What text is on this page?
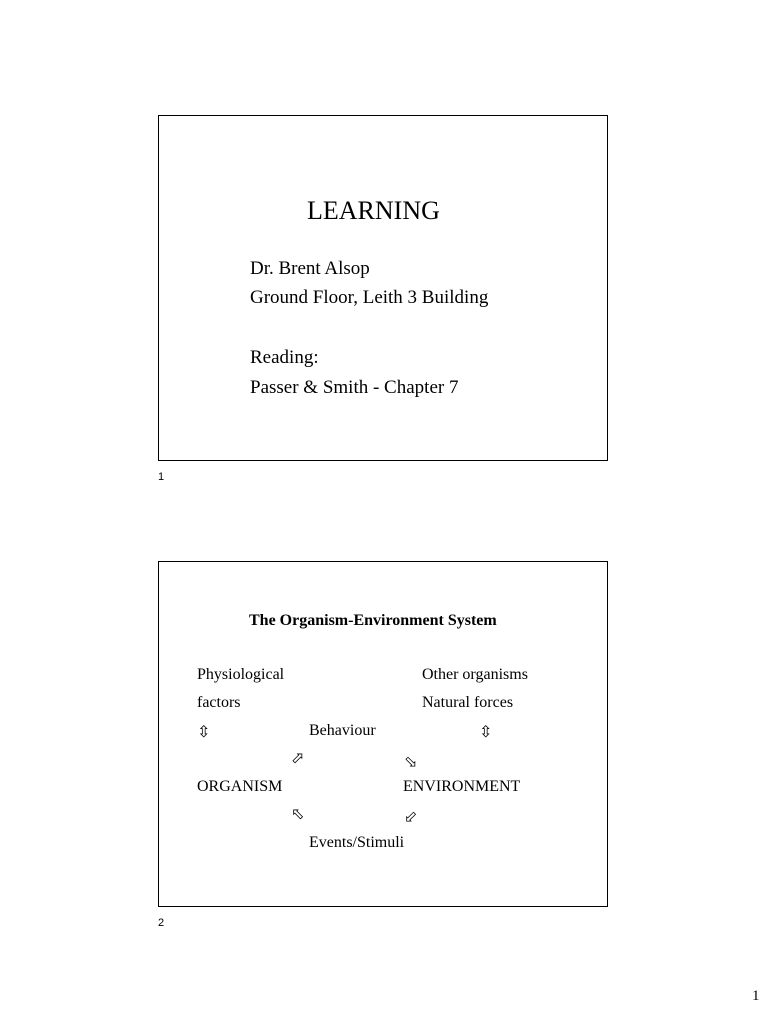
LEARNING
Dr. Brent Alsop
Ground Floor, Leith 3 Building
Reading:
Passer & Smith - Chapter 7
1
The Organism-Environment System
Physiological
factors
Other organisms
Natural forces
⇳	Behaviour	⇳
⬀	⬂
ORGANISM	ENVIRONMENT
⬁	⬃
Events/Stimuli
2
1
